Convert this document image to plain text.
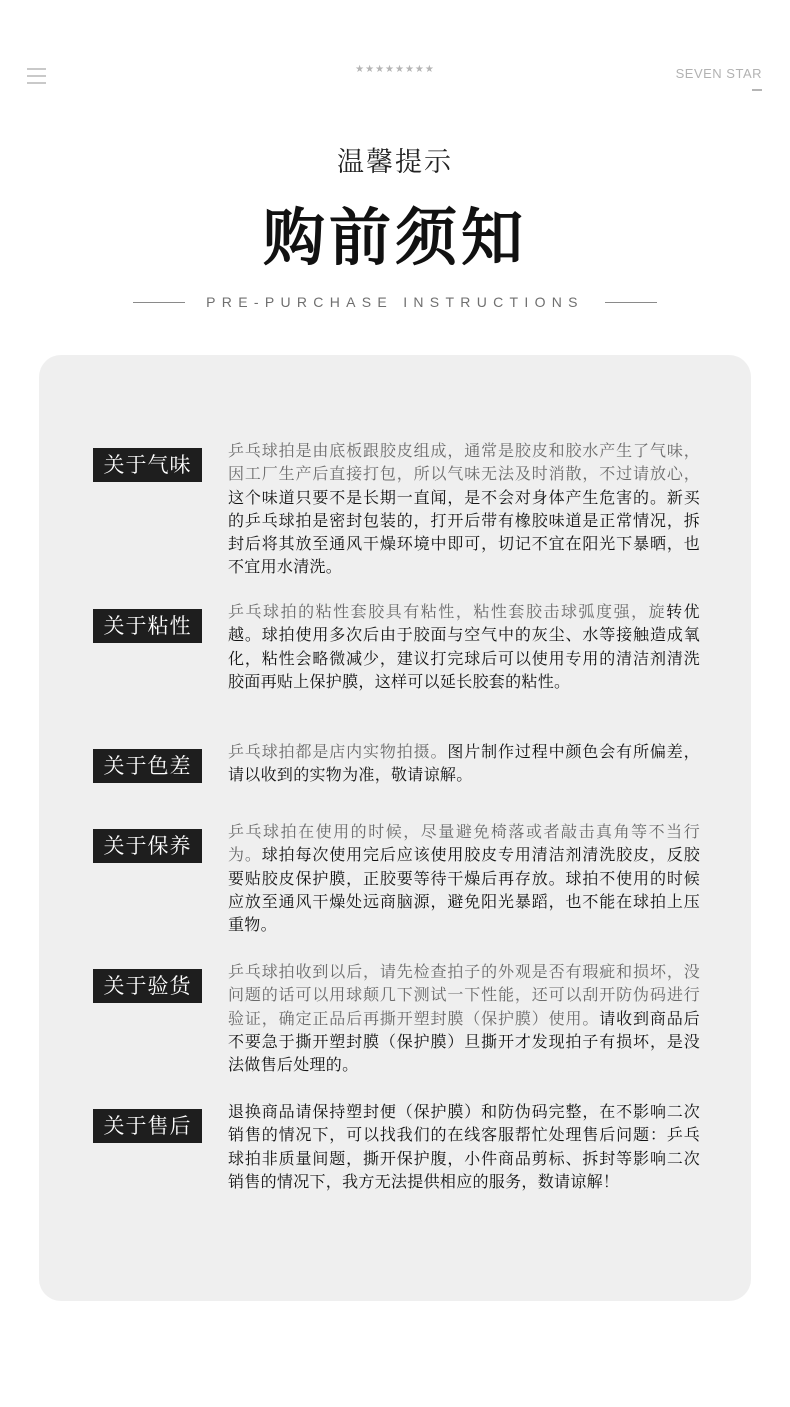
★★★★★★★★	SEVEN STAR
温馨提示
购前须知
PRE-PURCHASE INSTRUCTIONS
关于气味
乒乓球拍是由底板跟胶皮组成，通常是胶皮和胶水产生了气味，因工厂生产后直接打包，所以气味无法及时消散，不过请放心，这个味道只要不是长期一直闻，是不会对身体产生危害的。新买的乒乓球拍是密封包装的，打开后带有橡胶味道是正常情况，拆封后将其放至通风干燥环境中即可，切记不宜在阳光下暴晒，也不宜用水清洗。
关于粘性
乒乓球拍的粘性套胶具有粘性，粘性套胶击球弧度强，旋转优越。球拍使用多次后由于胶面与空气中的灰尘、水等接触造成氧化，粘性会略微减少，建议打完球后可以使用专用的清洁剂清洗胶面再贴上保护膜，这样可以延长胶套的粘性。
关于色差
乒乓球拍都是店内实物拍摄。图片制作过程中颜色会有所偏差，请以收到的实物为准，敬请谅解。
关于保养
乒乓球拍在使用的时候，尽量避免椅落或者敲击真角等不当行为。球拍每次使用完后应该使用胶皮专用清洁剂清洗胶皮，反胶要贴胶皮保护膜，正胶要等待干燥后再存放。球拍不使用的时候应放至通风干燥处远商脑源，避免阳光暴蹈，也不能在球拍上压重物。
关于验货
乒乓球拍收到以后，请先检查拍子的外观是否有瑕疵和损坏，没问题的话可以用球颠几下测试一下性能，还可以刮开防伪码进行验证，确定正品后再撕开塑封膜（保护膜）使用。请收到商品后不要急于撕开塑封膜（保护膜）旦撕开才发现拍子有损坏，是没法做售后处理的。
关于售后
退换商品请保持塑封便（保护膜）和防伪码完整，在不影响二次销售的情况下，可以找我们的在线客服帮忙处理售后问题：乒乓球拍非质量间题，撕开保护腹，小件商品剪标、拆封等影响二次销售的情况下，我方无法提供相应的服务，数请谅解！
